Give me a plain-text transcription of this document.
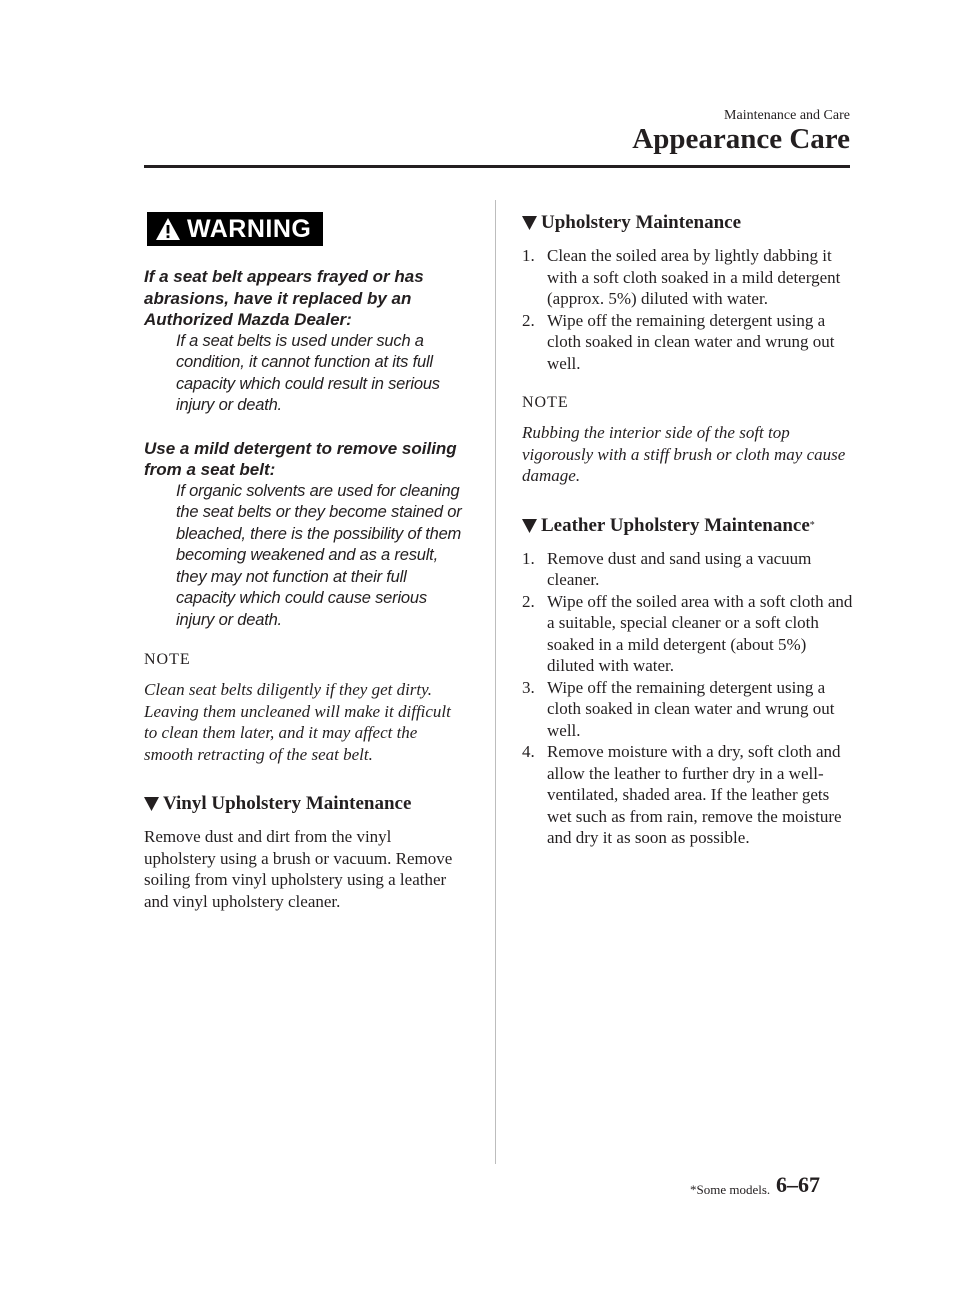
Maintenance and Care
Appearance Care
WARNING

If a seat belt appears frayed or has abrasions, have it replaced by an Authorized Mazda Dealer:

If a seat belts is used under such a condition, it cannot function at its full capacity which could result in serious injury or death.

Use a mild detergent to remove soiling from a seat belt:

If organic solvents are used for cleaning the seat belts or they become stained or bleached, there is the possibility of them becoming weakened and as a result, they may not function at their full capacity which could cause serious injury or death.

NOTE

Clean seat belts diligently if they get dirty. Leaving them uncleaned will make it difficult to clean them later, and it may affect the smooth retracting of the seat belt.

Vinyl Upholstery Maintenance

Remove dust and dirt from the vinyl upholstery using a brush or vacuum. Remove soiling from vinyl upholstery using a leather and vinyl upholstery cleaner.

Upholstery Maintenance
1. Clean the soiled area by lightly dabbing it with a soft cloth soaked in a mild detergent (approx. 5%) diluted with water.
2. Wipe off the remaining detergent using a cloth soaked in clean water and wrung out well.

NOTE

Rubbing the interior side of the soft top vigorously with a stiff brush or cloth may cause damage.

Leather Upholstery Maintenance *
1. Remove dust and sand using a vacuum cleaner.
2. Wipe off the soiled area with a soft cloth and a suitable, special cleaner or a soft cloth soaked in a mild detergent (about 5%) diluted with water.
3. Wipe off the remaining detergent using a cloth soaked in clean water and wrung out well.
4. Remove moisture with a dry, soft cloth and allow the leather to further dry in a well-ventilated, shaded area. If the leather gets wet such as from rain, remove the moisture and dry it as soon as possible.
*Some models. 6–67
